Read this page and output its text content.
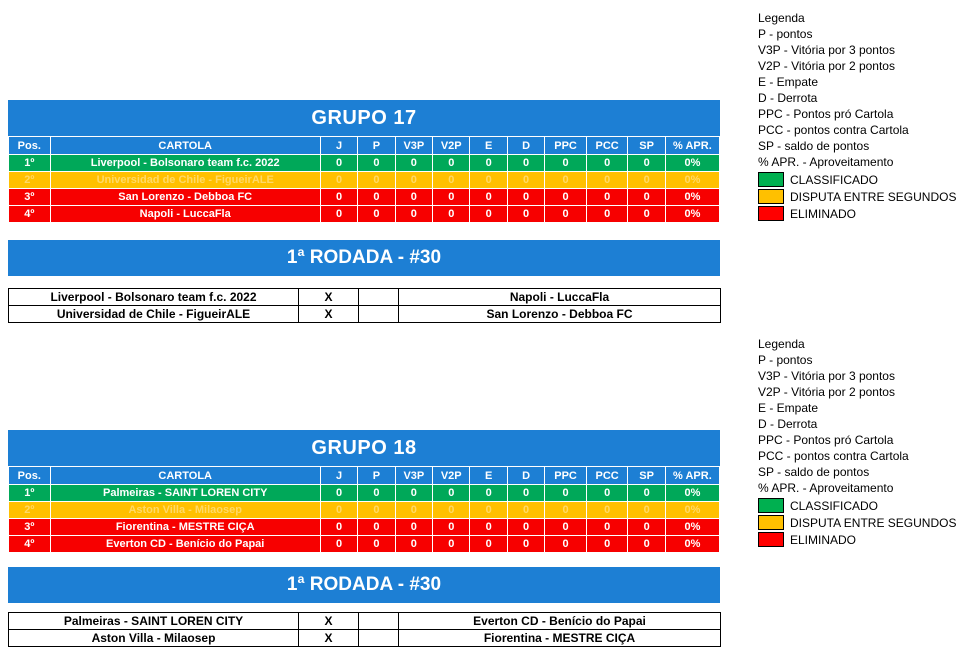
GRUPO 17
Pos.	CARTOLA	J	P	V3P	V2P	E	D	PPC	PCC	SP	% APR.
1º	Liverpool - Bolsonaro team f.c. 2022	0	0	0	0	0	0	0	0	0	0%
2º	Universidad de Chile - FigueirALE	0	0	0	0	0	0	0	0	0	0%
3º	San Lorenzo - Debboa FC	0	0	0	0	0	0	0	0	0	0%
4º	Napoli - LuccaFla	0	0	0	0	0	0	0	0	0	0%
1ª RODADA - #30
Liverpool - Bolsonaro team f.c. 2022	X		Napoli - LuccaFla
Universidad de Chile - FigueirALE	X		San Lorenzo - Debboa FC
GRUPO 18
Pos.	CARTOLA	J	P	V3P	V2P	E	D	PPC	PCC	SP	% APR.
1º	Palmeiras - SAINT LOREN CITY	0	0	0	0	0	0	0	0	0	0%
2º	Aston Villa - Milaosep	0	0	0	0	0	0	0	0	0	0%
3º	Fiorentina - MESTRE CIÇA	0	0	0	0	0	0	0	0	0	0%
4º	Everton CD - Benício do Papai	0	0	0	0	0	0	0	0	0	0%
1ª RODADA - #30
Palmeiras - SAINT LOREN CITY	X		Everton CD - Benício do Papai
Aston Villa - Milaosep	X		Fiorentina - MESTRE CIÇA
Legenda
P - pontos
V3P - Vitória por 3 pontos
V2P - Vitória por 2 pontos
E - Empate
D - Derrota
PPC - Pontos pró Cartola
PCC - pontos contra Cartola
SP - saldo de pontos
% APR. - Aproveitamento
CLASSIFICADO
DISPUTA ENTRE SEGUNDOS
ELIMINADO
Legenda
P - pontos
V3P - Vitória por 3 pontos
V2P - Vitória por 2 pontos
E - Empate
D - Derrota
PPC - Pontos pró Cartola
PCC - pontos contra Cartola
SP - saldo de pontos
% APR. - Aproveitamento
CLASSIFICADO
DISPUTA ENTRE SEGUNDOS
ELIMINADO
